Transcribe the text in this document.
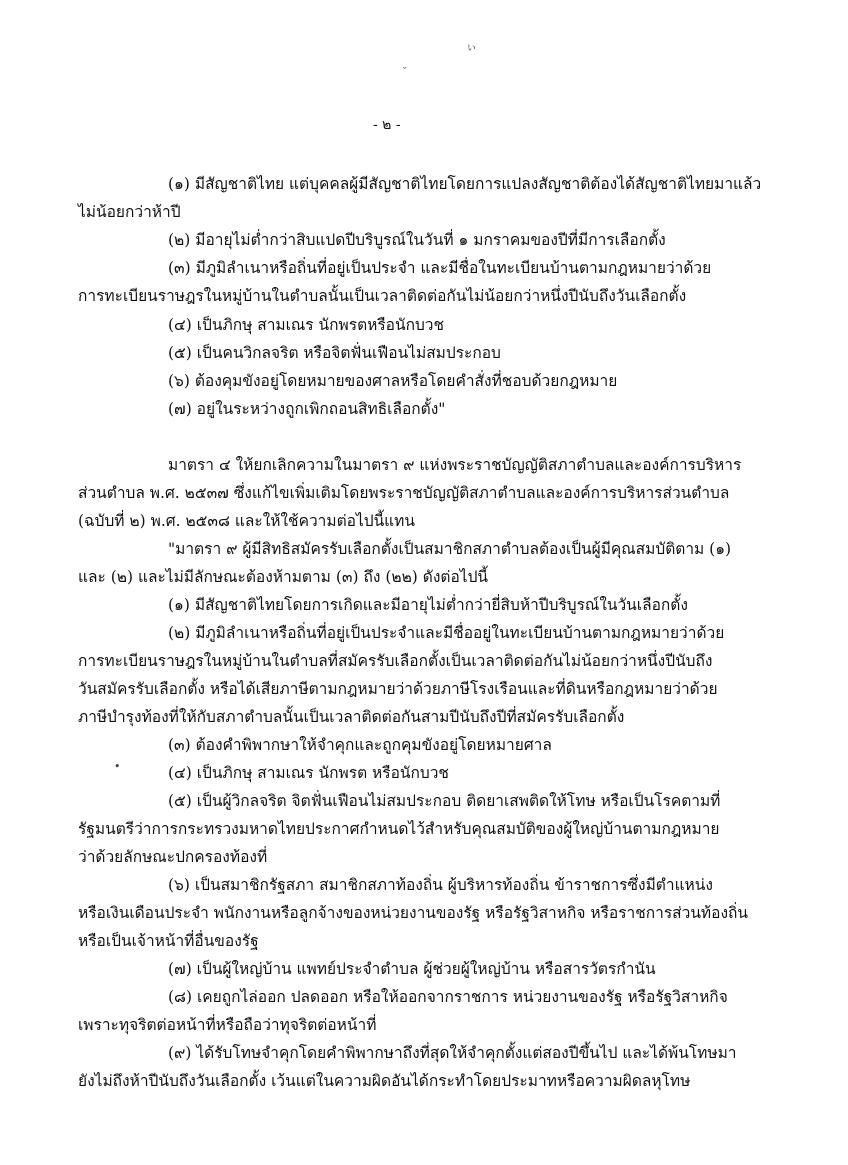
ぃ
˘
•
- ๒ -
(๑) มีสัญชาติไทย แต่บุคคลผู้มีสัญชาติไทยโดยการแปลงสัญชาติต้องได้สัญชาติไทยมาแล้ว
ไม่น้อยกว่าห้าปี
(๒) มีอายุไม่ต่ำกว่าสิบแปดปีบริบูรณ์ในวันที่ ๑ มกราคมของปีที่มีการเลือกตั้ง
(๓) มีภูมิลำเนาหรือถิ่นที่อยู่เป็นประจำ และมีชื่อในทะเบียนบ้านตามกฎหมายว่าด้วย
การทะเบียนราษฎรในหมู่บ้านในตำบลนั้นเป็นเวลาติดต่อกันไม่น้อยกว่าหนึ่งปีนับถึงวันเลือกตั้ง
(๔) เป็นภิกษุ สามเณร นักพรตหรือนักบวช
(๕) เป็นคนวิกลจริต หรือจิตฟั่นเฟือนไม่สมประกอบ
(๖) ต้องคุมขังอยู่โดยหมายของศาลหรือโดยคำสั่งที่ชอบด้วยกฎหมาย
(๗) อยู่ในระหว่างถูกเพิกถอนสิทธิเลือกตั้ง"
มาตรา ๔ ให้ยกเลิกความในมาตรา ๙ แห่งพระราชบัญญัติสภาตำบลและองค์การบริหาร
ส่วนตำบล พ.ศ. ๒๕๓๗ ซึ่งแก้ไขเพิ่มเติมโดยพระราชบัญญัติสภาตำบลและองค์การบริหารส่วนตำบล
(ฉบับที่ ๒) พ.ศ. ๒๕๓๘ และให้ใช้ความต่อไปนี้แทน
"มาตรา ๙ ผู้มีสิทธิสมัครรับเลือกตั้งเป็นสมาชิกสภาตำบลต้องเป็นผู้มีคุณสมบัติตาม (๑)
และ (๒) และไม่มีลักษณะต้องห้ามตาม (๓) ถึง (๒๒) ดังต่อไปนี้
(๑) มีสัญชาติไทยโดยการเกิดและมีอายุไม่ต่ำกว่ายี่สิบห้าปีบริบูรณ์ในวันเลือกตั้ง
(๒) มีภูมิลำเนาหรือถิ่นที่อยู่เป็นประจำและมีชื่ออยู่ในทะเบียนบ้านตามกฎหมายว่าด้วย
การทะเบียนราษฎรในหมู่บ้านในตำบลที่สมัครรับเลือกตั้งเป็นเวลาติดต่อกันไม่น้อยกว่าหนึ่งปีนับถึง
วันสมัครรับเลือกตั้ง หรือได้เสียภาษีตามกฎหมายว่าด้วยภาษีโรงเรือนและที่ดินหรือกฎหมายว่าด้วย
ภาษีบำรุงท้องที่ให้กับสภาตำบลนั้นเป็นเวลาติดต่อกันสามปีนับถึงปีที่สมัครรับเลือกตั้ง
(๓) ต้องคำพิพากษาให้จำคุกและถูกคุมขังอยู่โดยหมายศาล
(๔) เป็นภิกษุ สามเณร นักพรต หรือนักบวช
(๕) เป็นผู้วิกลจริต จิตฟั่นเฟือนไม่สมประกอบ ติดยาเสพติดให้โทษ หรือเป็นโรคตามที่
รัฐมนตรีว่าการกระทรวงมหาดไทยประกาศกำหนดไว้สำหรับคุณสมบัติของผู้ใหญ่บ้านตามกฎหมาย
ว่าด้วยลักษณะปกครองท้องที่
(๖) เป็นสมาชิกรัฐสภา สมาชิกสภาท้องถิ่น ผู้บริหารท้องถิ่น ข้าราชการซึ่งมีตำแหน่ง
หรือเงินเดือนประจำ พนักงานหรือลูกจ้างของหน่วยงานของรัฐ หรือรัฐวิสาหกิจ หรือราชการส่วนท้องถิ่น
หรือเป็นเจ้าหน้าที่อื่นของรัฐ
(๗) เป็นผู้ใหญ่บ้าน แพทย์ประจำตำบล ผู้ช่วยผู้ใหญ่บ้าน หรือสารวัตรกำนัน
(๘) เคยถูกไล่ออก ปลดออก หรือให้ออกจากราชการ หน่วยงานของรัฐ หรือรัฐวิสาหกิจ
เพราะทุจริตต่อหน้าที่หรือถือว่าทุจริตต่อหน้าที่
(๙) ได้รับโทษจำคุกโดยคำพิพากษาถึงที่สุดให้จำคุกตั้งแต่สองปีขึ้นไป และได้พ้นโทษมา
ยังไม่ถึงห้าปีนับถึงวันเลือกตั้ง เว้นแต่ในความผิดอันได้กระทำโดยประมาทหรือความผิดลหุโทษ
